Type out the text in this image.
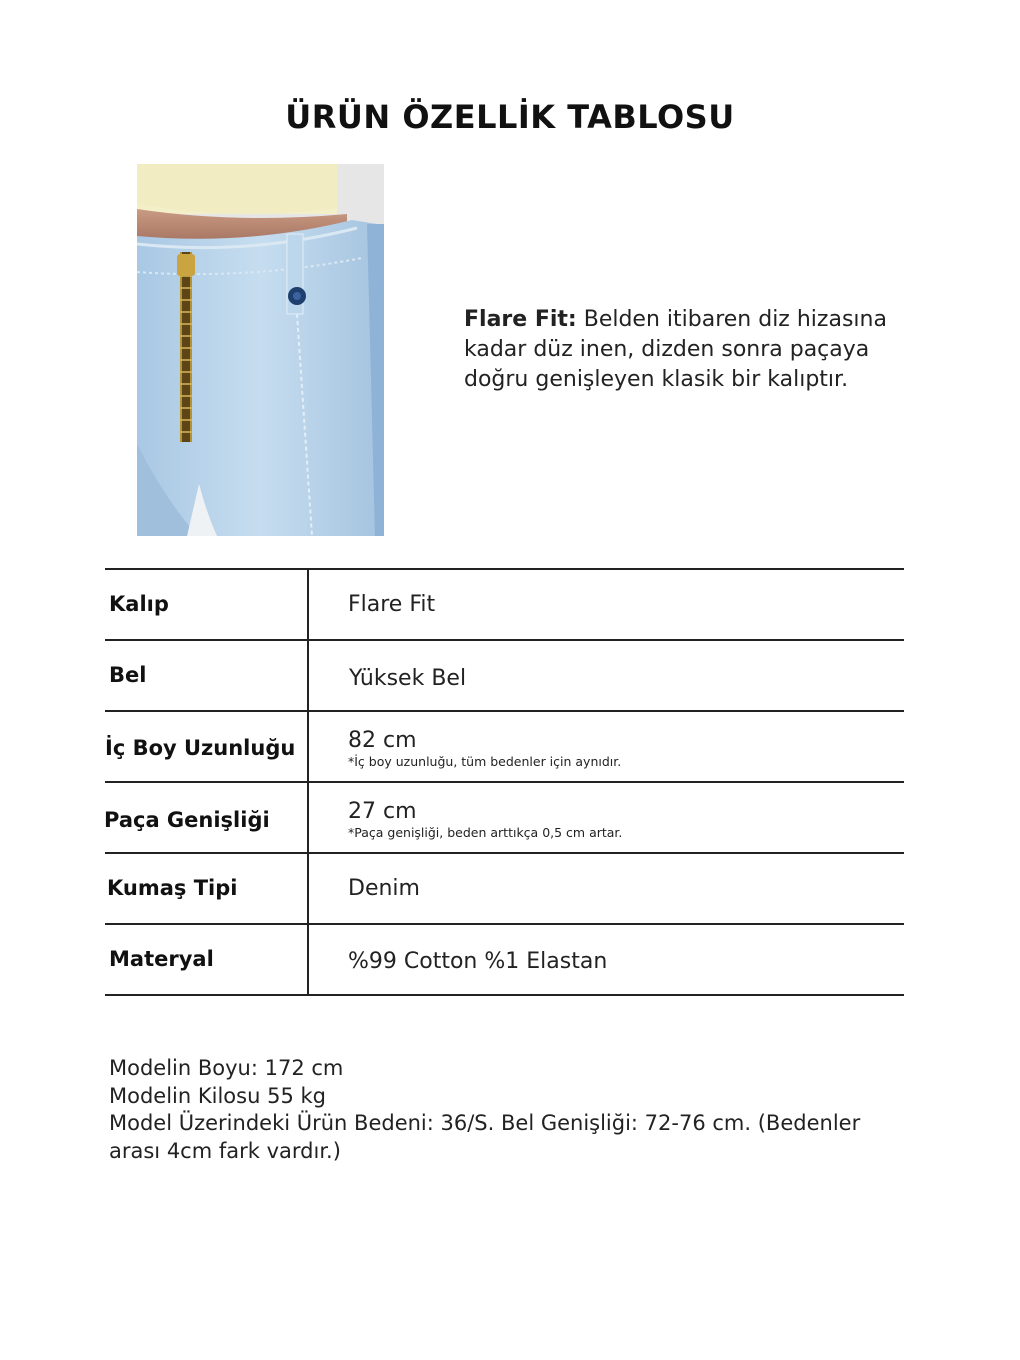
ÜRÜN ÖZELLİK TABLOSU
Flare Fit: Belden itibaren diz hizasına kadar düz inen, dizden sonra paçaya doğru genişleyen klasik bir kalıptır.
Kalıp	Flare Fit
Bel	Yüksek Bel
İç Boy Uzunluğu 82 cm
*İç boy uzunluğu, tüm bedenler için aynıdır.
Paça Genişliği	27 cm
*Paça genişliği, beden arttıkça 0,5 cm artar.
Kumaş Tipi	Denim
Materyal	%99 Cotton %1 Elastan
Modelin Boyu: 172 cm
Modelin Kilosu 55 kg
Model Üzerindeki Ürün Bedeni: 36/S. Bel Genişliği: 72-76 cm. (Bedenler arası 4cm fark vardır.)
